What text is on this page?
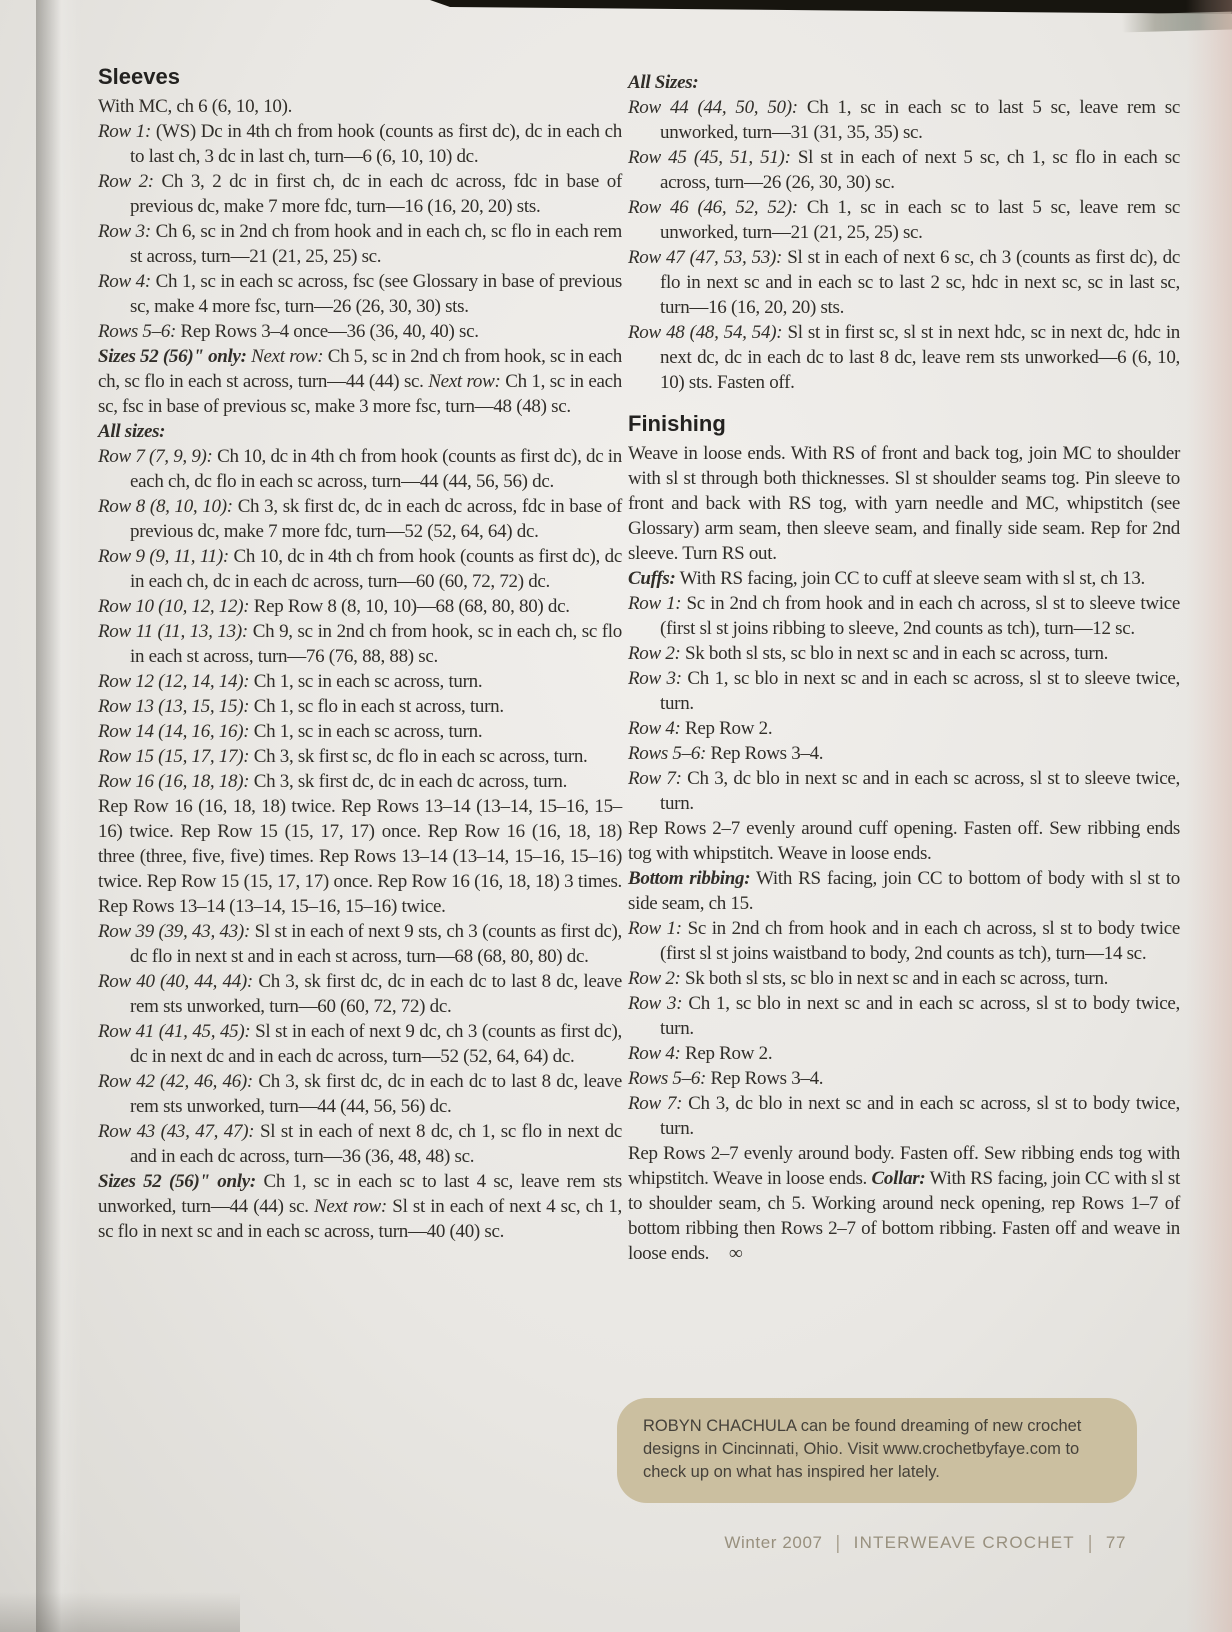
Sleeves

With MC, ch 6 (6, 10, 10).

Row 1: (WS) Dc in 4th ch from hook (counts as first dc), dc in each ch to last ch, 3 dc in last ch, turn—6 (6, 10, 10) dc.

Row 2: Ch 3, 2 dc in first ch, dc in each dc across, fdc in base of previous dc, make 7 more fdc, turn—16 (16, 20, 20) sts.

Row 3: Ch 6, sc in 2nd ch from hook and in each ch, sc flo in each rem st across, turn—21 (21, 25, 25) sc.

Row 4: Ch 1, sc in each sc across, fsc (see Glossary in base of previous sc, make 4 more fsc, turn—26 (26, 30, 30) sts.

Rows 5–6: Rep Rows 3–4 once—36 (36, 40, 40) sc.

Sizes 52 (56)" only: Next row: Ch 5, sc in 2nd ch from hook, sc in each ch, sc flo in each st across, turn—44 (44) sc. Next row: Ch 1, sc in each sc, fsc in base of previous sc, make 3 more fsc, turn—48 (48) sc.

All sizes:

Row 7 (7, 9, 9): Ch 10, dc in 4th ch from hook (counts as first dc), dc in each ch, dc flo in each sc across, turn—44 (44, 56, 56) dc.

Row 8 (8, 10, 10): Ch 3, sk first dc, dc in each dc across, fdc in base of previous dc, make 7 more fdc, turn—52 (52, 64, 64) dc.

Row 9 (9, 11, 11): Ch 10, dc in 4th ch from hook (counts as first dc), dc in each ch, dc in each dc across, turn—60 (60, 72, 72) dc.

Row 10 (10, 12, 12): Rep Row 8 (8, 10, 10)—68 (68, 80, 80) dc.

Row 11 (11, 13, 13): Ch 9, sc in 2nd ch from hook, sc in each ch, sc flo in each st across, turn—76 (76, 88, 88) sc.

Row 12 (12, 14, 14): Ch 1, sc in each sc across, turn.

Row 13 (13, 15, 15): Ch 1, sc flo in each st across, turn.

Row 14 (14, 16, 16): Ch 1, sc in each sc across, turn.

Row 15 (15, 17, 17): Ch 3, sk first sc, dc flo in each sc across, turn.

Row 16 (16, 18, 18): Ch 3, sk first dc, dc in each dc across, turn.

Rep Row 16 (16, 18, 18) twice. Rep Rows 13–14 (13–14, 15–16, 15–16) twice. Rep Row 15 (15, 17, 17) once. Rep Row 16 (16, 18, 18) three (three, five, five) times. Rep Rows 13–14 (13–14, 15–16, 15–16) twice. Rep Row 15 (15, 17, 17) once. Rep Row 16 (16, 18, 18) 3 times. Rep Rows 13–14 (13–14, 15–16, 15–16) twice.

Row 39 (39, 43, 43): Sl st in each of next 9 sts, ch 3 (counts as first dc), dc flo in next st and in each st across, turn—68 (68, 80, 80) dc.

Row 40 (40, 44, 44): Ch 3, sk first dc, dc in each dc to last 8 dc, leave rem sts unworked, turn—60 (60, 72, 72) dc.

Row 41 (41, 45, 45): Sl st in each of next 9 dc, ch 3 (counts as first dc), dc in next dc and in each dc across, turn—52 (52, 64, 64) dc.

Row 42 (42, 46, 46): Ch 3, sk first dc, dc in each dc to last 8 dc, leave rem sts unworked, turn—44 (44, 56, 56) dc.

Row 43 (43, 47, 47): Sl st in each of next 8 dc, ch 1, sc flo in next dc and in each dc across, turn—36 (36, 48, 48) sc.

Sizes 52 (56)" only: Ch 1, sc in each sc to last 4 sc, leave rem sts unworked, turn—44 (44) sc. Next row: Sl st in each of next 4 sc, ch 1, sc flo in next sc and in each sc across, turn—40 (40) sc.

All Sizes:

Row 44 (44, 50, 50): Ch 1, sc in each sc to last 5 sc, leave rem sc unworked, turn—31 (31, 35, 35) sc.

Row 45 (45, 51, 51): Sl st in each of next 5 sc, ch 1, sc flo in each sc across, turn—26 (26, 30, 30) sc.

Row 46 (46, 52, 52): Ch 1, sc in each sc to last 5 sc, leave rem sc unworked, turn—21 (21, 25, 25) sc.

Row 47 (47, 53, 53): Sl st in each of next 6 sc, ch 3 (counts as first dc), dc flo in next sc and in each sc to last 2 sc, hdc in next sc, sc in last sc, turn—16 (16, 20, 20) sts.

Row 48 (48, 54, 54): Sl st in first sc, sl st in next hdc, sc in next dc, hdc in next dc, dc in each dc to last 8 dc, leave rem sts unworked—6 (6, 10, 10) sts. Fasten off.

Finishing

Weave in loose ends. With RS of front and back tog, join MC to shoulder with sl st through both thicknesses. Sl st shoulder seams tog. Pin sleeve to front and back with RS tog, with yarn needle and MC, whipstitch (see Glossary) arm seam, then sleeve seam, and finally side seam. Rep for 2nd sleeve. Turn RS out.

Cuffs: With RS facing, join CC to cuff at sleeve seam with sl st, ch 13.

Row 1: Sc in 2nd ch from hook and in each ch across, sl st to sleeve twice (first sl st joins ribbing to sleeve, 2nd counts as tch), turn—12 sc.

Row 2: Sk both sl sts, sc blo in next sc and in each sc across, turn.

Row 3: Ch 1, sc blo in next sc and in each sc across, sl st to sleeve twice, turn.

Row 4: Rep Row 2.

Rows 5–6: Rep Rows 3–4.

Row 7: Ch 3, dc blo in next sc and in each sc across, sl st to sleeve twice, turn.

Rep Rows 2–7 evenly around cuff opening. Fasten off. Sew ribbing ends tog with whipstitch. Weave in loose ends.

Bottom ribbing: With RS facing, join CC to bottom of body with sl st to side seam, ch 15.

Row 1: Sc in 2nd ch from hook and in each ch across, sl st to body twice (first sl st joins waistband to body, 2nd counts as tch), turn—14 sc.

Row 2: Sk both sl sts, sc blo in next sc and in each sc across, turn.

Row 3: Ch 1, sc blo in next sc and in each sc across, sl st to body twice, turn.

Row 4: Rep Row 2.

Rows 5–6: Rep Rows 3–4.

Row 7: Ch 3, dc blo in next sc and in each sc across, sl st to body twice, turn.

Rep Rows 2–7 evenly around body. Fasten off. Sew ribbing ends tog with whipstitch. Weave in loose ends. Collar: With RS facing, join CC with sl st to shoulder seam, ch 5. Working around neck opening, rep Rows 1–7 of bottom ribbing then Rows 2–7 of bottom ribbing. Fasten off and weave in loose ends. ∞

ROBYN CHACHULA can be found dreaming of new crochet designs in Cincinnati, Ohio. Visit www.crochetbyfaye.com to check up on what has inspired her lately.
Winter 2007 | INTERWEAVE CROCHET | 77
